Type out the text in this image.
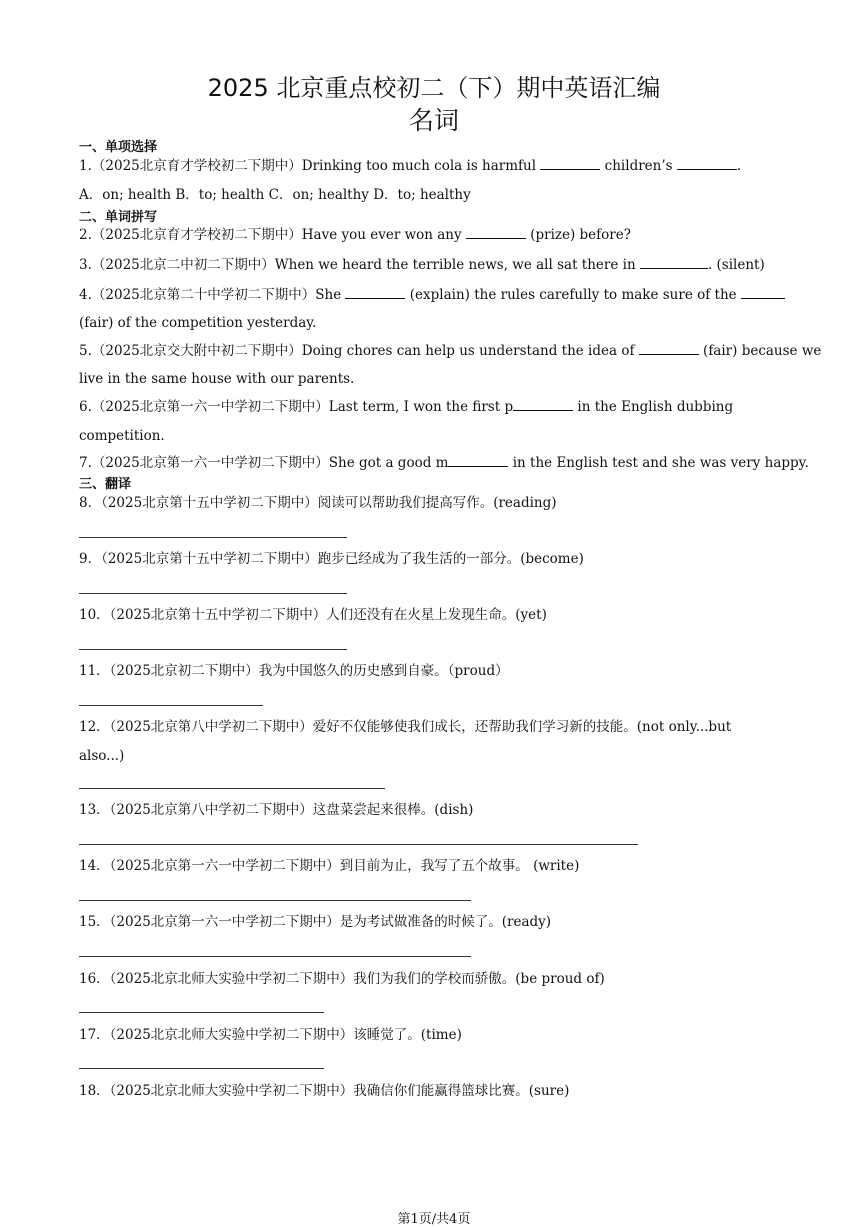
2025 北京重点校初二（下）期中英语汇编
名词
一、单项选择
1.（2025北京育才学校初二下期中）Drinking too much cola is harmful	children’s	.
A．on; health B．to; health C．on; healthy D．to; healthy
二、单词拼写
2.（2025北京育才学校初二下期中）Have you ever won any	(prize) before?
3.（2025北京二中初二下期中）When we heard the terrible news, we all sat there in	. (silent)
4.（2025北京第二十中学初二下期中）She	(explain) the rules carefully to make sure of the
(fair) of the competition yesterday.
5.（2025北京交大附中初二下期中）Doing chores can help us understand the idea of	(fair) because we
live in the same house with our parents.
6.（2025北京第一六一中学初二下期中）Last term, I won the first p	in the English dubbing
competition.
7.（2025北京第一六一中学初二下期中）She got a good m	in the English test and she was very happy.
三、翻译
8．（2025北京第十五中学初二下期中）阅读可以帮助我们提高写作。(reading)
9．（2025北京第十五中学初二下期中）跑步已经成为了我生活的一部分。(become)
10．（2025北京第十五中学初二下期中）人们还没有在火星上发现生命。(yet)
11．（2025北京初二下期中）我为中国悠久的历史感到自豪。（proud）
12．（2025北京第八中学初二下期中）爱好不仅能够使我们成长，还帮助我们学习新的技能。(not only...but
also...)
13．（2025北京第八中学初二下期中）这盘菜尝起来很棒。(dish)
14．（2025北京第一六一中学初二下期中）到目前为止，我写了五个故事。 (write)
15．（2025北京第一六一中学初二下期中）是为考试做准备的时候了。(ready)
16．（2025北京北师大实验中学初二下期中）我们为我们的学校而骄傲。(be proud of)
17．（2025北京北师大实验中学初二下期中）该睡觉了。(time)
18．（2025北京北师大实验中学初二下期中）我确信你们能赢得篮球比赛。(sure)
第1页/共4页
